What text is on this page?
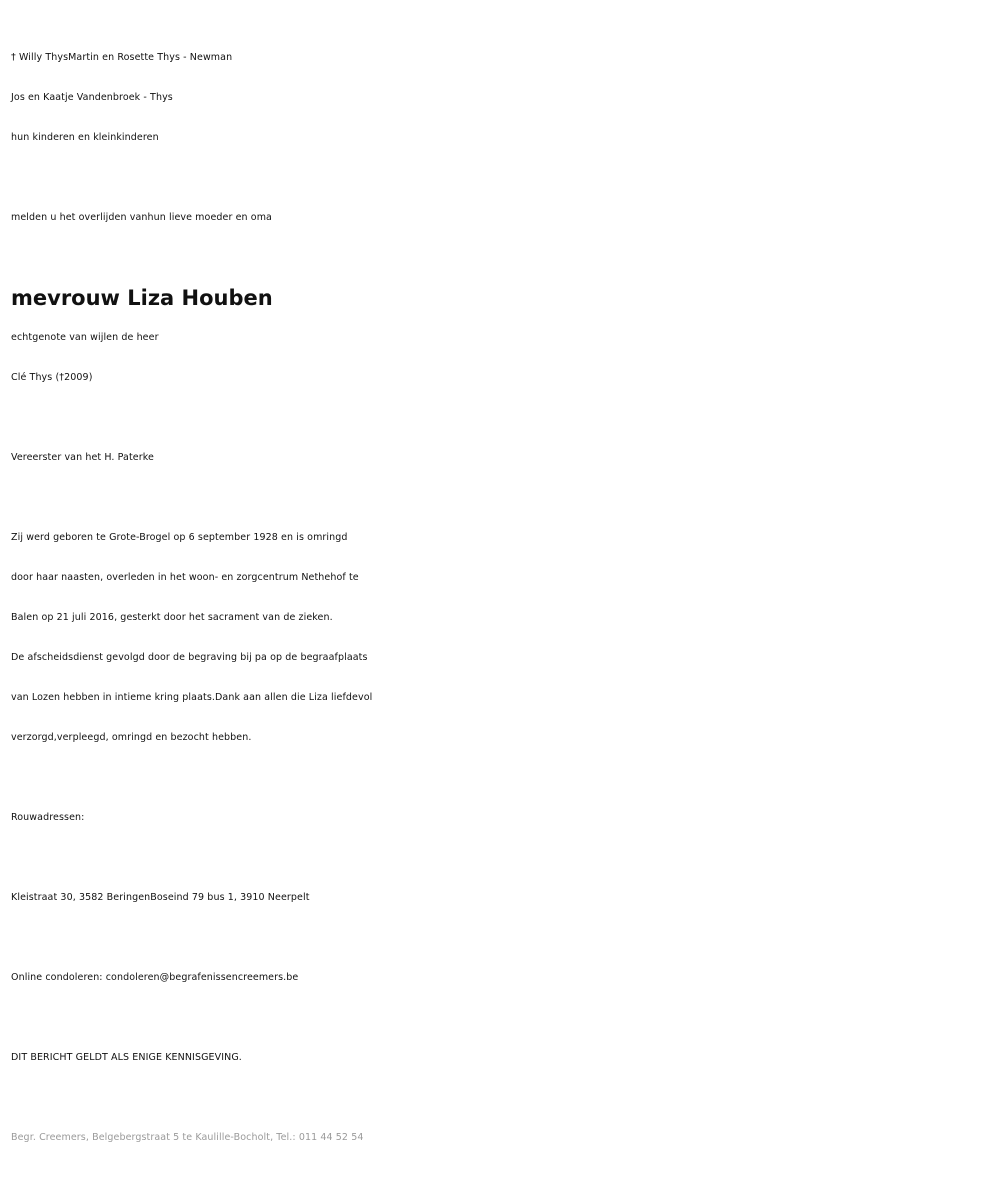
† Willy ThysMartin en Rosette Thys - Newman
Jos en Kaatje Vandenbroek - Thys
hun kinderen en kleinkinderen
melden u het overlijden vanhun lieve moeder en oma
mevrouw Liza Houben
echtgenote van wijlen de heer
Clé Thys (†2009)
Vereerster van het H. Paterke
Zij werd geboren te Grote-Brogel op 6 september 1928 en is omringd
door haar naasten, overleden in het woon- en zorgcentrum Nethehof te
Balen op 21 juli 2016, gesterkt door het sacrament van de zieken.
De afscheidsdienst gevolgd door de begraving bij pa op de begraafplaats
van Lozen hebben in intieme kring plaats.Dank aan allen die Liza liefdevol
verzorgd,verpleegd, omringd en bezocht hebben.
Rouwadressen:
Kleistraat 30, 3582 BeringenBoseind 79 bus 1, 3910 Neerpelt
Online condoleren: condoleren@begrafenissencreemers.be
DIT BERICHT GELDT ALS ENIGE KENNISGEVING.
Begr. Creemers, Belgebergstraat 5 te Kaulille-Bocholt, Tel.: 011 44 52 54
